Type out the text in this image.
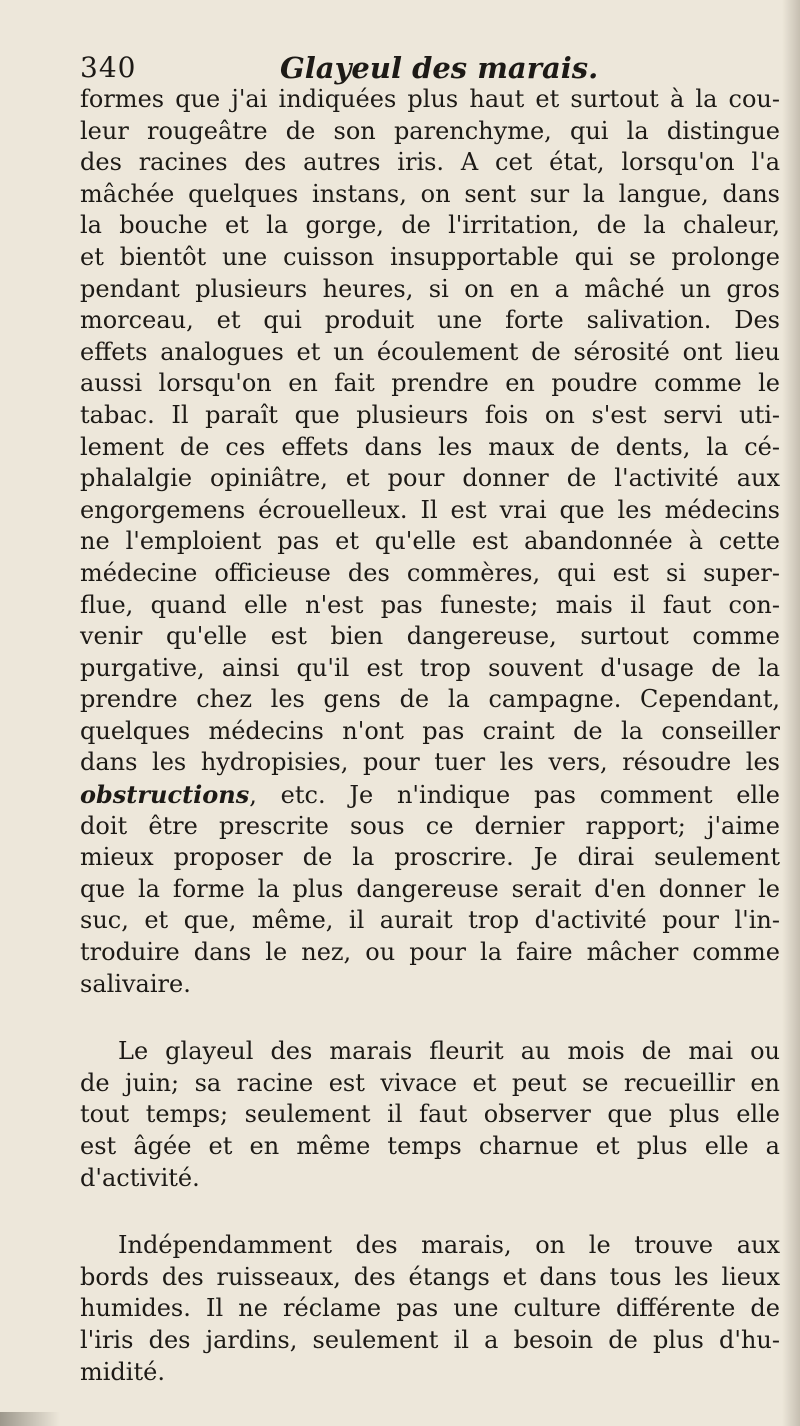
340	Glayeul des marais.
formes que j'ai indiquées plus haut et surtout à la cou-
leur rougeâtre de son parenchyme, qui la distingue
des racines des autres iris. A cet état, lorsqu'on l'a
mâchée quelques instans, on sent sur la langue, dans
la bouche et la gorge, de l'irritation, de la chaleur,
et bientôt une cuisson insupportable qui se prolonge
pendant plusieurs heures, si on en a mâché un gros
morceau, et qui produit une forte salivation. Des
effets analogues et un écoulement de sérosité ont lieu
aussi lorsqu'on en fait prendre en poudre comme le
tabac. Il paraît que plusieurs fois on s'est servi uti-
lement de ces effets dans les maux de dents, la cé-
phalalgie opiniâtre, et pour donner de l'activité aux
engorgemens écrouelleux. Il est vrai que les médecins
ne l'emploient pas et qu'elle est abandonnée à cette
médecine officieuse des commères, qui est si super-
flue, quand elle n'est pas funeste; mais il faut con-
venir qu'elle est bien dangereuse, surtout comme
purgative, ainsi qu'il est trop souvent d'usage de la
prendre chez les gens de la campagne. Cependant,
quelques médecins n'ont pas craint de la conseiller
dans les hydropisies, pour tuer les vers, résoudre les
obstructions, etc. Je n'indique pas comment elle
doit être prescrite sous ce dernier rapport; j'aime
mieux proposer de la proscrire. Je dirai seulement
que la forme la plus dangereuse serait d'en donner le
suc, et que, même, il aurait trop d'activité pour l'in-
troduire dans le nez, ou pour la faire mâcher comme
salivaire.
Le glayeul des marais fleurit au mois de mai ou
de juin; sa racine est vivace et peut se recueillir en
tout temps; seulement il faut observer que plus elle
est âgée et en même temps charnue et plus elle a
d'activité.
Indépendamment des marais, on le trouve aux
bords des ruisseaux, des étangs et dans tous les lieux
humides. Il ne réclame pas une culture différente de
l'iris des jardins, seulement il a besoin de plus d'hu-
midité.
